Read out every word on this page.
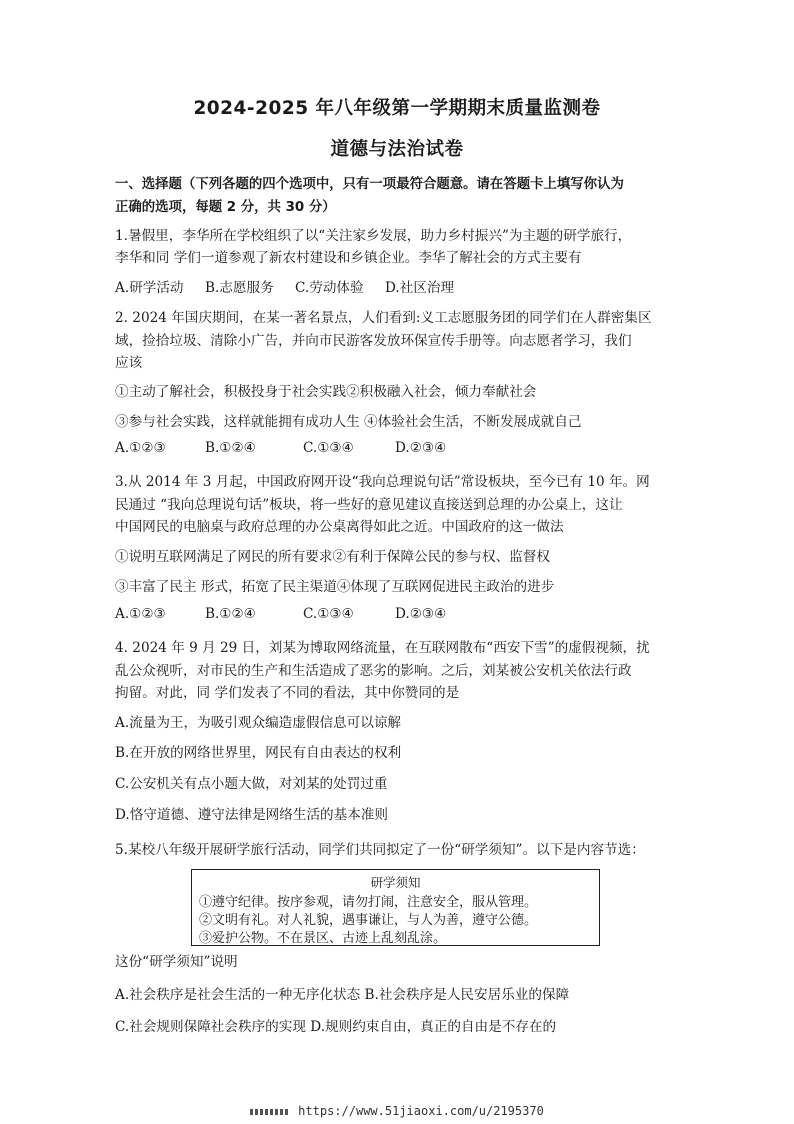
2024-2025 年八年级第一学期期末质量监测卷
道德与法治试卷
一、选择题（下列各题的四个选项中，只有一项最符合题意。请在答题卡上填写你认为
正确的选项，每题 2 分，共 30 分）
1.暑假里，李华所在学校组织了以“关注家乡发展，助力乡村振兴”为主题的研学旅行，
李华和同 学们一道参观了新农村建设和乡镇企业。李华了解社会的方式主要有
A.研学活动 B.志愿服务 C.劳动体验 D.社区治理
2. 2024 年国庆期间，在某一著名景点，人们看到:义工志愿服务团的同学们在人群密集区
域，捡拾垃圾、清除小广告，并向市民游客发放环保宣传手册等。向志愿者学习，我们
应该
①主动了解社会，积极投身于社会实践②积极融入社会，倾力奉献社会
③参与社会实践，这样就能拥有成功人生 ④体验社会生活，不断发展成就自己
A.①②③	B.①②④	C.①③④	D.②③④
3.从 2014 年 3 月起，中国政府网开设“我向总理说句话”常设板块，至今已有 10 年。网
民通过 “我向总理说句话”板块，将一些好的意见建议直接送到总理的办公桌上，这让
中国网民的电脑桌与政府总理的办公桌离得如此之近。中国政府的这一做法
①说明互联网满足了网民的所有要求②有利于保障公民的参与权、监督权
③丰富了民主 形式，拓宽了民主渠道④体现了互联网促进民主政治的进步
A.①②③	B.①②④	C.①③④	D.②③④
4. 2024 年 9 月 29 日，刘某为博取网络流量，在互联网散布“西安下雪”的虚假视频，扰
乱公众视听，对市民的生产和生活造成了恶劣的影响。之后，刘某被公安机关依法行政
拘留。对此，同 学们发表了不同的看法，其中你赞同的是
A.流量为王，为吸引观众编造虚假信息可以谅解
B.在开放的网络世界里，网民有自由表达的权利
C.公安机关有点小题大做，对刘某的处罚过重
D.恪守道德、遵守法律是网络生活的基本准则
5.某校八年级开展研学旅行活动，同学们共同拟定了一份“研学须知”。以下是内容节选：
研学须知
①遵守纪律。按序参观，请勿打闹，注意安全，服从管理。
②文明有礼。对人礼貌，遇事谦让，与人为善，遵守公德。
③爱护公物。不在景区、古迹上乱刻乱涂。
这份“研学须知”说明
A.社会秩序是社会生活的一种无序化状态 B.社会秩序是人民安居乐业的保障
C.社会规则保障社会秩序的实现 D.规则约束自由，真正的自由是不存在的
https://www.51jiaoxi.com/u/2195370
